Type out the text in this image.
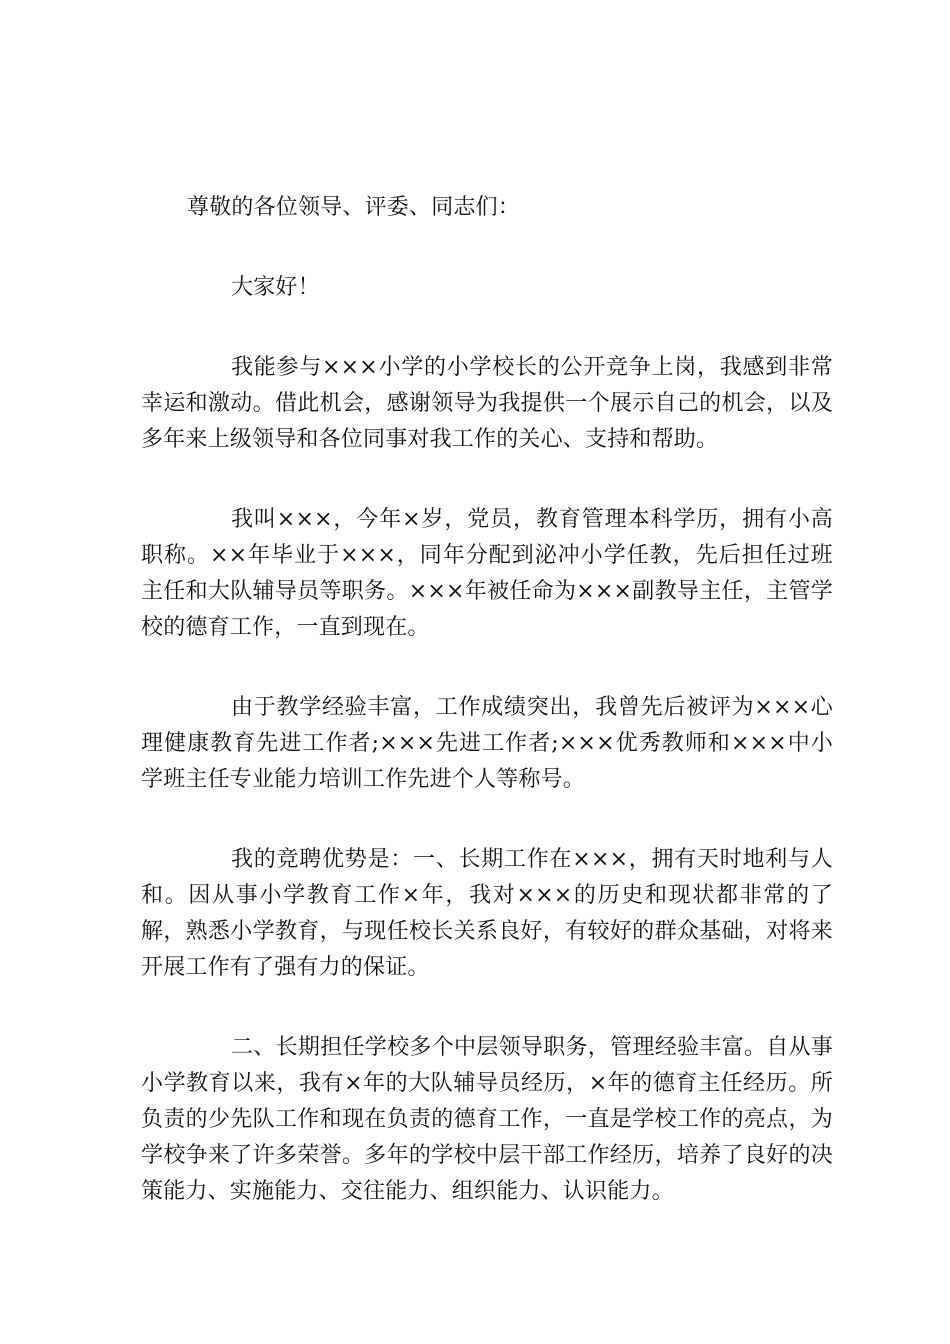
尊敬的各位领导、评委、同志们：

大家好！

我能参与×××小学的小学校长的公开竞争上岗，我感到非常幸运和激动。借此机会，感谢领导为我提供一个展示自己的机会，以及多年来上级领导和各位同事对我工作的关心、支持和帮助。

我叫×××，今年×岁，党员，教育管理本科学历，拥有小高职称。××年毕业于×××，同年分配到泌冲小学任教，先后担任过班主任和大队辅导员等职务。×××年被任命为×××副教导主任，主管学校的德育工作，一直到现在。

由于教学经验丰富，工作成绩突出，我曾先后被评为×××心理健康教育先进工作者;×××先进工作者;×××优秀教师和×××中小学班主任专业能力培训工作先进个人等称号。

我的竞聘优势是：一、长期工作在×××，拥有天时地利与人和。因从事小学教育工作×年，我对×××的历史和现状都非常的了解，熟悉小学教育，与现任校长关系良好，有较好的群众基础，对将来开展工作有了强有力的保证。

二、长期担任学校多个中层领导职务，管理经验丰富。自从事小学教育以来，我有×年的大队辅导员经历，×年的德育主任经历。所负责的少先队工作和现在负责的德育工作，一直是学校工作的亮点，为学校争来了许多荣誉。多年的学校中层干部工作经历，培养了良好的决策能力、实施能力、交往能力、组织能力、认识能力。
